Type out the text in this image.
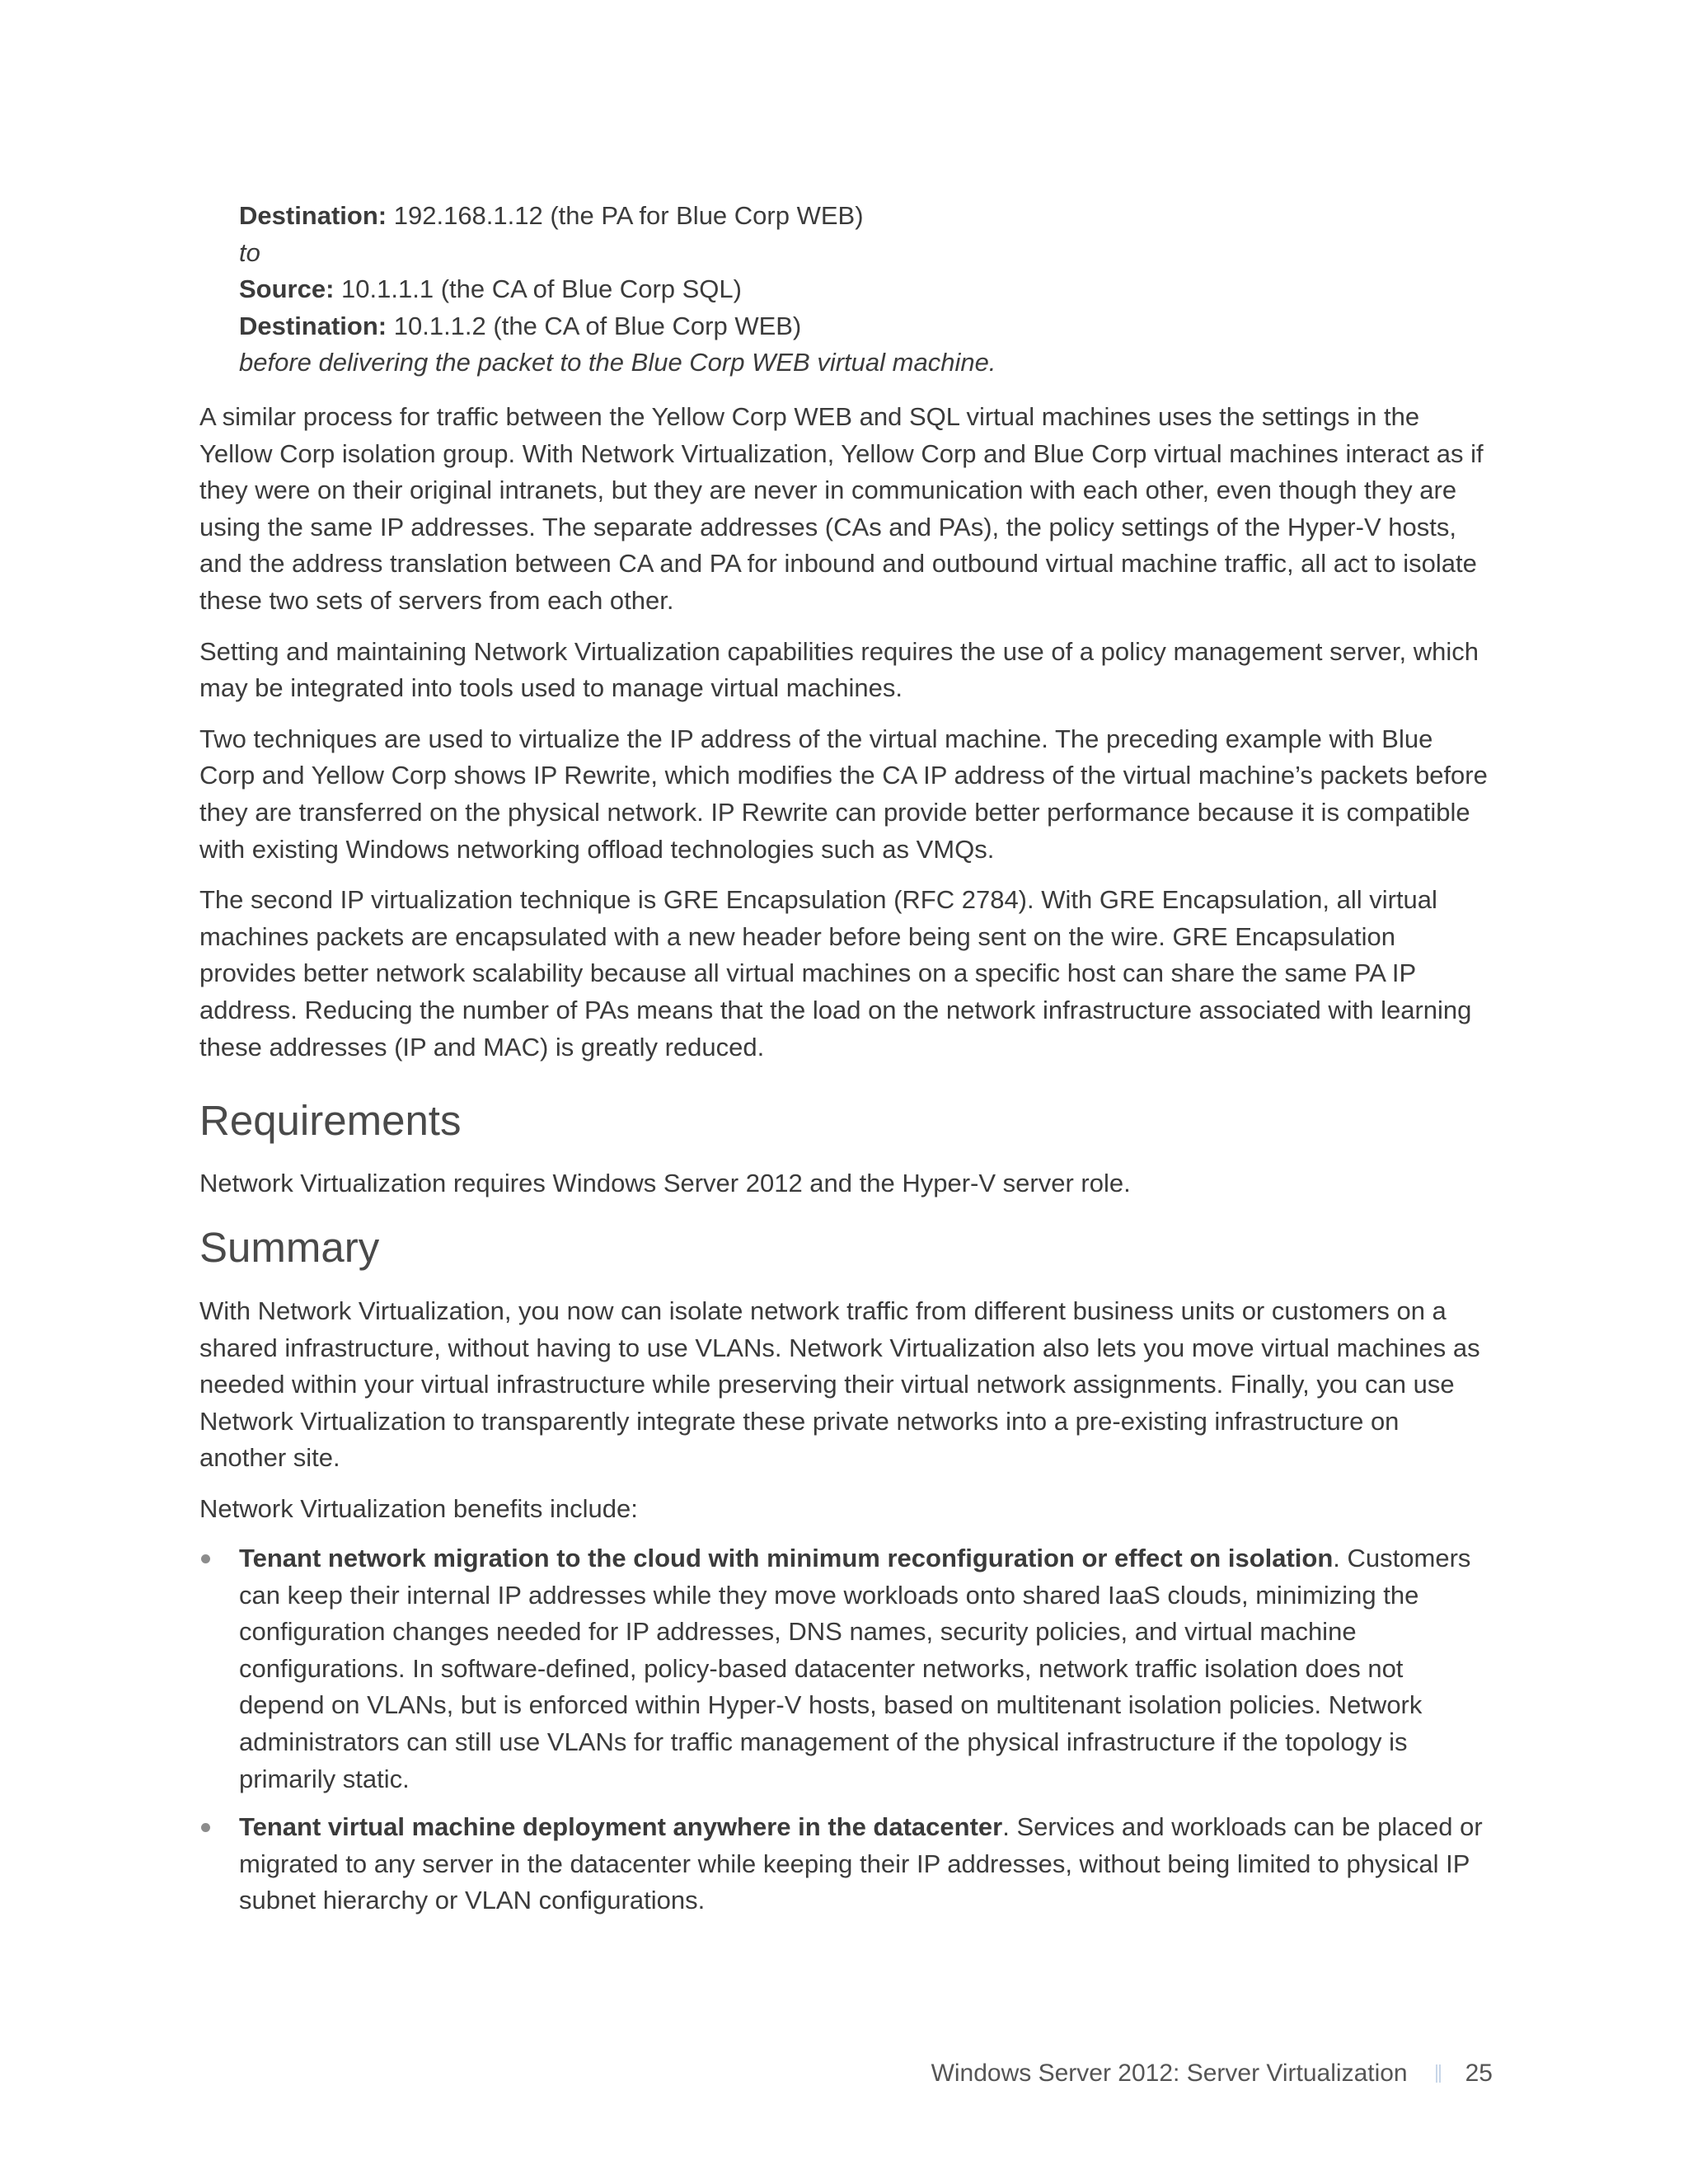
Destination: 192.168.1.12 (the PA for Blue Corp WEB)
to
Source: 10.1.1.1 (the CA of Blue Corp SQL)
Destination: 10.1.1.2 (the CA of Blue Corp WEB)
before delivering the packet to the Blue Corp WEB virtual machine.

A similar process for traffic between the Yellow Corp WEB and SQL virtual machines uses the settings in the Yellow Corp isolation group. With Network Virtualization, Yellow Corp and Blue Corp virtual machines interact as if they were on their original intranets, but they are never in communication with each other, even though they are using the same IP addresses. The separate addresses (CAs and PAs), the policy settings of the Hyper-V hosts, and the address translation between CA and PA for inbound and outbound virtual machine traffic, all act to isolate these two sets of servers from each other.

Setting and maintaining Network Virtualization capabilities requires the use of a policy management server, which may be integrated into tools used to manage virtual machines.

Two techniques are used to virtualize the IP address of the virtual machine. The preceding example with Blue Corp and Yellow Corp shows IP Rewrite, which modifies the CA IP address of the virtual machine’s packets before they are transferred on the physical network. IP Rewrite can provide better performance because it is compatible with existing Windows networking offload technologies such as VMQs.

The second IP virtualization technique is GRE Encapsulation (RFC 2784). With GRE Encapsulation, all virtual machines packets are encapsulated with a new header before being sent on the wire. GRE Encapsulation provides better network scalability because all virtual machines on a specific host can share the same PA IP address. Reducing the number of PAs means that the load on the network infrastructure associated with learning these addresses (IP and MAC) is greatly reduced.

Requirements

Network Virtualization requires Windows Server 2012 and the Hyper-V server role.

Summary

With Network Virtualization, you now can isolate network traffic from different business units or customers on a shared infrastructure, without having to use VLANs. Network Virtualization also lets you move virtual machines as needed within your virtual infrastructure while preserving their virtual network assignments. Finally, you can use Network Virtualization to transparently integrate these private networks into a pre-existing infrastructure on another site.

Network Virtualization benefits include:

Tenant network migration to the cloud with minimum reconfiguration or effect on isolation. Customers can keep their internal IP addresses while they move workloads onto shared IaaS clouds, minimizing the configuration changes needed for IP addresses, DNS names, security policies, and virtual machine configurations. In software-defined, policy-based datacenter networks, network traffic isolation does not depend on VLANs, but is enforced within Hyper-V hosts, based on multitenant isolation policies. Network administrators can still use VLANs for traffic management of the physical infrastructure if the topology is primarily static.
Tenant virtual machine deployment anywhere in the datacenter. Services and workloads can be placed or migrated to any server in the datacenter while keeping their IP addresses, without being limited to physical IP subnet hierarchy or VLAN configurations.
Windows Server 2012: Server Virtualization 25
